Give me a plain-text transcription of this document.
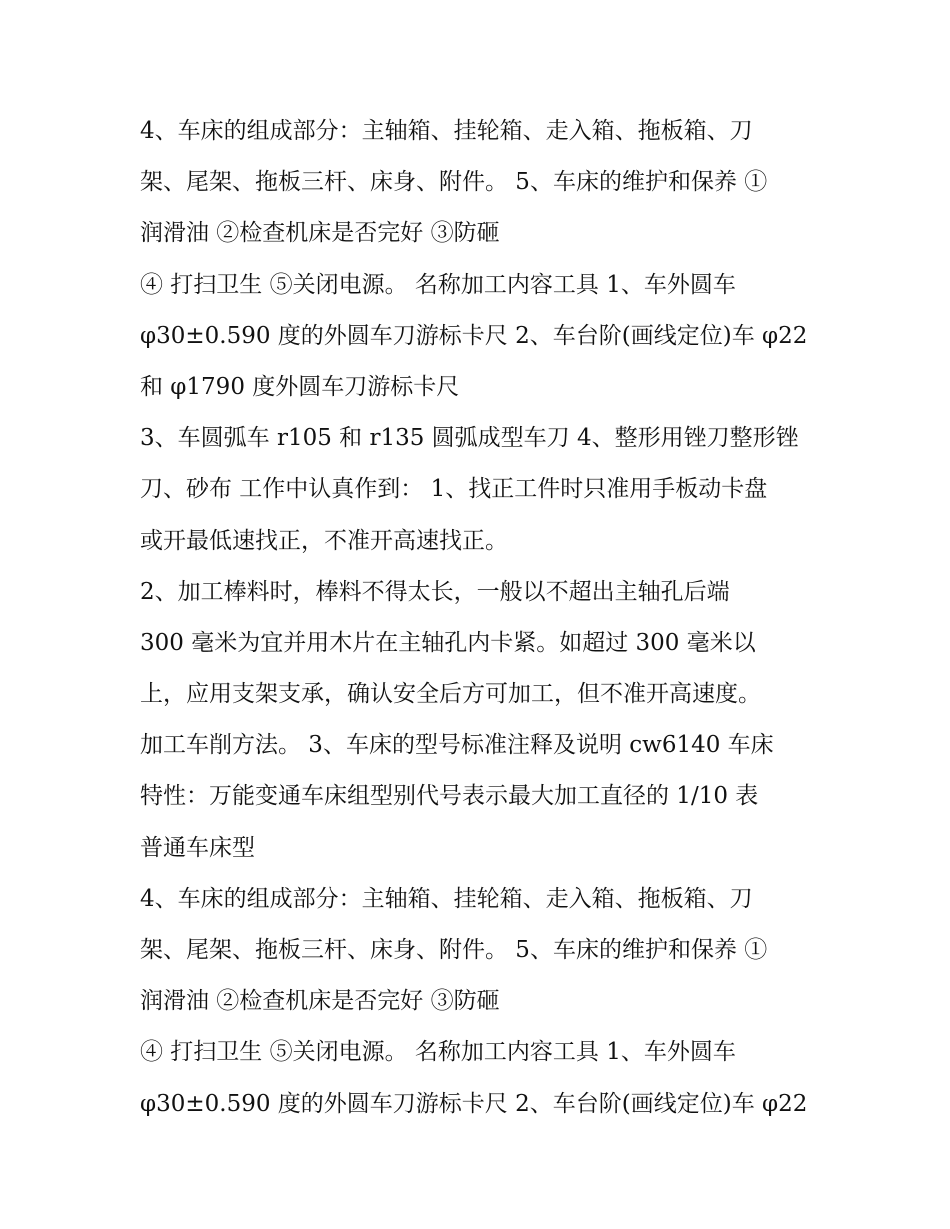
4、车床的组成部分：主轴箱、挂轮箱、走入箱、拖板箱、刀
架、尾架、拖板三杆、床身、附件。 5、车床的维护和保养 ①
润滑油 ②检查机床是否完好 ③防砸
④ 打扫卫生 ⑤关闭电源。 名称加工内容工具 1、车外圆车
φ30±0.590 度的外圆车刀游标卡尺 2、车台阶(画线定位)车 φ22
和 φ1790 度外圆车刀游标卡尺
3、车圆弧车 r105 和 r135 圆弧成型车刀 4、整形用锉刀整形锉
刀、砂布 工作中认真作到： 1、找正工件时只准用手板动卡盘
或开最低速找正，不准开高速找正。
2、加工棒料时，棒料不得太长，一般以不超出主轴孔后端
300 毫米为宜并用木片在主轴孔内卡紧。如超过 300 毫米以
上，应用支架支承，确认安全后方可加工，但不准开高速度。
加工车削方法。 3、车床的型号标准注释及说明 cw6140 车床
特性：万能变通车床组型别代号表示最大加工直径的 1/10 表
普通车床型
4、车床的组成部分：主轴箱、挂轮箱、走入箱、拖板箱、刀
架、尾架、拖板三杆、床身、附件。 5、车床的维护和保养 ①
润滑油 ②检查机床是否完好 ③防砸
④ 打扫卫生 ⑤关闭电源。 名称加工内容工具 1、车外圆车
φ30±0.590 度的外圆车刀游标卡尺 2、车台阶(画线定位)车 φ22
